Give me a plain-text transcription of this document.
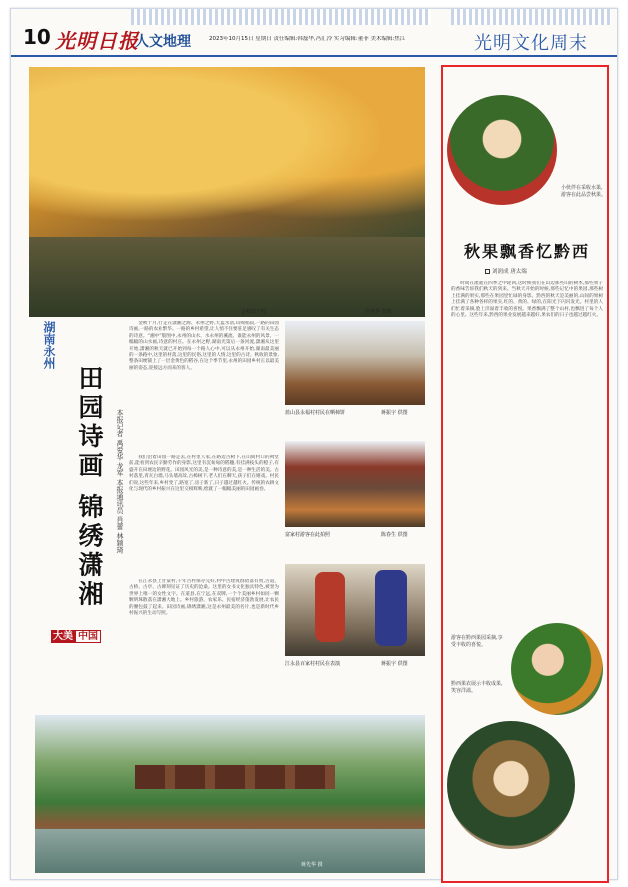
10 光明日报
人文地理	2023年10月15日 星期日 责任编辑:韩磊华,冯汇泠 实习编辑:董菲 美术编辑:焦江	光明文化周末
金秋田子村	向英华 供图
湖南永州
田园诗画 锦绣潇湘	本报记者 禹爱华 龙军 本报通讯员 肖蕾 林颖琦
大美 中国

金秋十月,行走在潇湘之源、永州之野,天蓝水清,山绵稻菽,一路的田园诗画,一路的农业繁华。一路的乡村希望,让人悄不住要驻足感叹了有关生态的诗意。“湘中”版图中,永州的山水、水永州的溪流、谁能永州的风景、一幅幅的山水画,诗意的村庄。在永州之野,湖南光第后一条河流,潇湘从这里开始,潇湘的秋天就已开始到每一个路人心中,可以从永州开始,湖南最美丽的一条路中,这里的村落,这里的民俗,这里的人情,这里的古诗。秋收的景象,整条田埂铺上了一层金黄色的稻谷,在这个季节里,永州的田园乡村正以最美丽的姿态,迎接远方而来的客人。

我们沿着田园一路走去,在村里人家,在路边古树下,在山间村口的祠堂前,能看到农民辛勤劳作的身影,这里有沉甸甸的稻穗,有挂满枝头的橙子,有盛开在田埂边的野花。田园风光的美,是一种诗意的美,是一种生活的美。古村落里,青瓦白墙,马头墙高耸,古樟树下,老人们在聊天,孩子们在嬉戏。村民们说,这些年来,乡村变了,路宽了,房子新了,日子越过越红火。传统的农耕文化与现代的乡村振兴在这里交相辉映,绘就了一幅幅美丽的田园画卷。

在江永县上甘棠村,千年古村保存完好,村中古建筑群错落有致,古道、古桥、古亭、古碑刻见证了历史的沧桑。这里的女书文化独具特色,被誉为世界上唯一的女性文字。在道县,在宁远,在双牌,一个个美丽乡村如同一颗颗明珠散落在潇湘大地上。乡村旅游、农家乐、民宿经济蓬勃发展,让农民的腰包鼓了起来。田园诗画,锦绣潇湘,这是永州最美的名片,也是新时代乡村振兴的生动写照。

蓝山县永福村村民在晒柿饼	蒋振宇 供图
富家村游客在此拍照	陈春生 供图
江永县百家村村民在表演	蒋振宇 供图
蒋先华 摄
小伙伴在采收水果,游客在此品尝秋果。
秋果飘香忆黔西
刘润成 唐太端

时间在流逝在四季之中轮回,这时候我们在山边那些山的树木,那些果子的香味告诉我们秋天的到来。当秋天开始的时候,那些记忆中的果园,那些树上挂满的果实,那些在果园里忙碌的身影。黔西的秋天是美丽的,山间的果树上挂满了各种各样的果实,红的、黄的、绿的,在阳光下闪闪发光。村里的人们忙着采摘,脸上洋溢着丰收的喜悦。果香飘满了整个山村,也飘进了每个人的心里。这些年来,黔西的果业发展越来越好,果农们的日子也越过越红火。

游客在黔西果园采摘,享受丰收的喜悦。
黔西果农展示丰收成果,笑容洋溢。
